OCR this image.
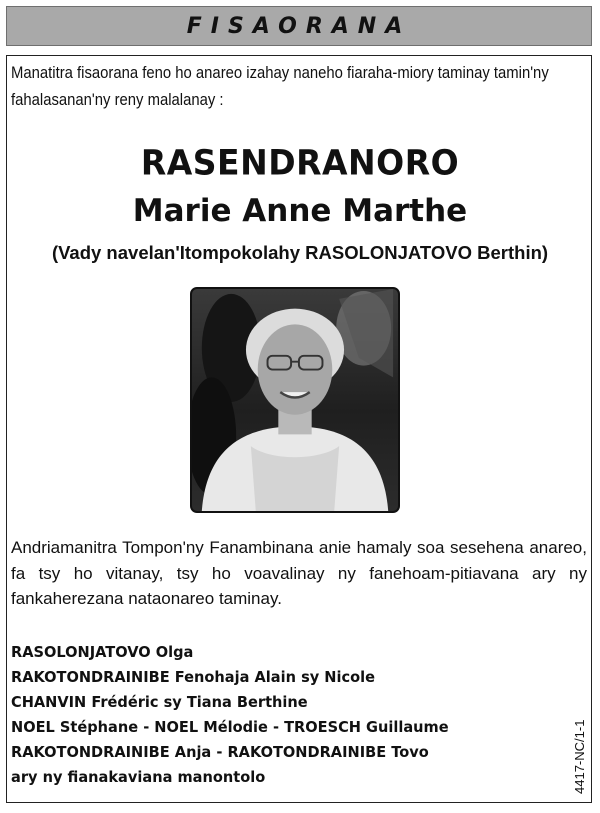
FISAORANA
Manatitra fisaorana feno ho anareo izahay naneho fiaraha-miory taminay tamin'ny fahalasanan'ny reny malalanay :
RASENDRANORO
Marie Anne Marthe
(Vady navelan'Itompokolahy RASOLONJATOVO Berthin)
Andriamanitra Tompon'ny Fanambinana anie hamaly soa sesehena anareo, fa tsy ho vitanay, tsy ho voavalinay ny fanehoam-pitiavana ary ny fankaherezana nataonareo taminay.
RASOLONJATOVO Olga
RAKOTONDRAINIBE Fenohaja Alain sy Nicole
CHANVIN Frédéric sy Tiana Berthine
NOEL Stéphane - NOEL Mélodie - TROESCH Guillaume
RAKOTONDRAINIBE Anja - RAKOTONDRAINIBE Tovo
ary ny fianakaviana manontolo	4417-NC/1-1
